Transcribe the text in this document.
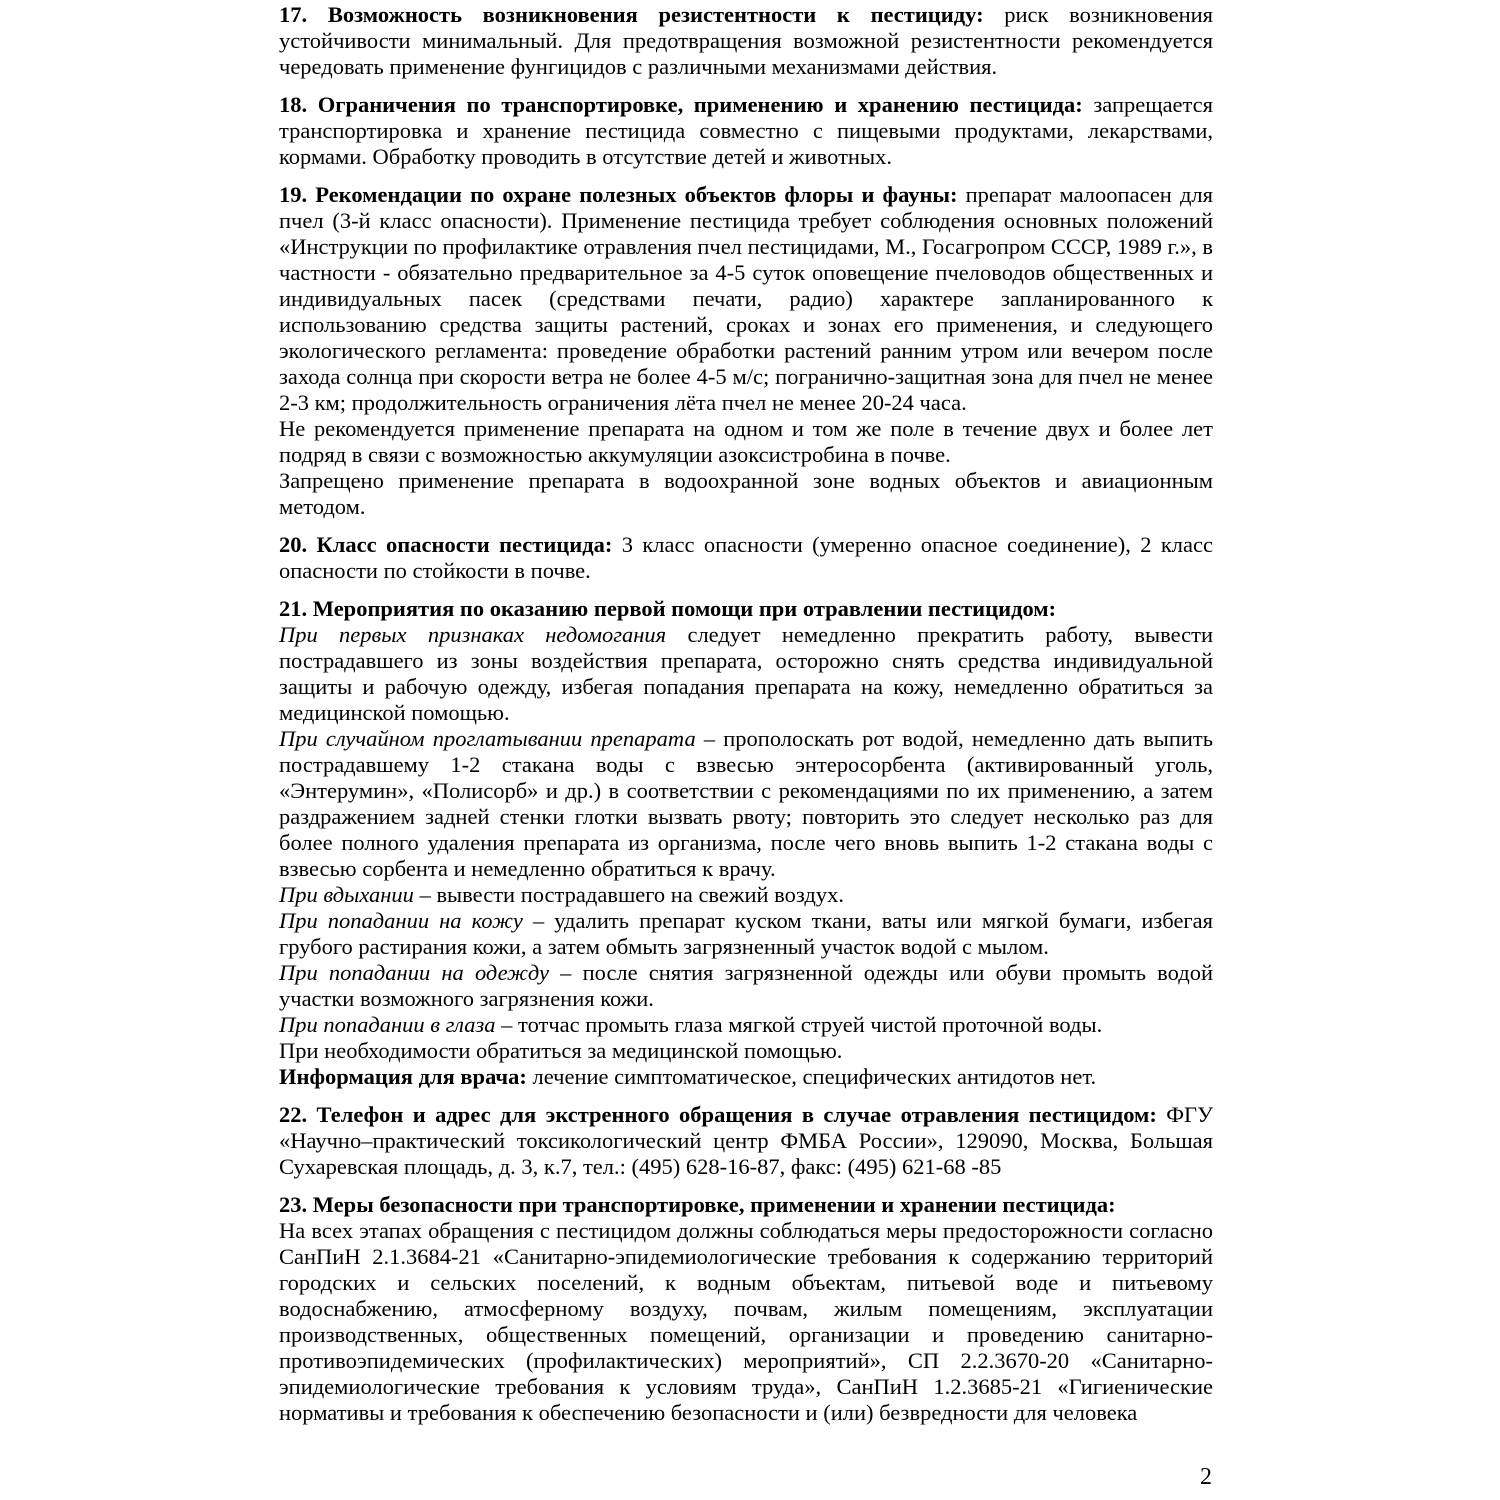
17. Возможность возникновения резистентности к пестициду: риск возникновения устойчивости минимальный. Для предотвращения возможной резистентности рекомендуется чередовать применение фунгицидов с различными механизмами действия.

18. Ограничения по транспортировке, применению и хранению пестицида: запрещается транспортировка и хранение пестицида совместно с пищевыми продуктами, лекарствами, кормами. Обработку проводить в отсутствие детей и животных.

19. Рекомендации по охране полезных объектов флоры и фауны: препарат малоопасен для пчел (3-й класс опасности). Применение пестицида требует соблюдения основных положений «Инструкции по профилактике отравления пчел пестицидами, М., Госагропром СССР, 1989 г.», в частности - обязательно предварительное за 4-5 суток оповещение пчеловодов общественных и индивидуальных пасек (средствами печати, радио) характере запланированного к использованию средства защиты растений, сроках и зонах его применения, и следующего экологического регламента: проведение обработки растений ранним утром или вечером после захода солнца при скорости ветра не более 4-5 м/с; погранично-защитная зона для пчел не менее 2-3 км; продолжительность ограничения лёта пчел не менее 20-24 часа.

Не рекомендуется применение препарата на одном и том же поле в течение двух и более лет подряд в связи с возможностью аккумуляции азоксистробина в почве.

Запрещено применение препарата в водоохранной зоне водных объектов и авиационным методом.

20. Класс опасности пестицида: 3 класс опасности (умеренно опасное соединение), 2 класс опасности по стойкости в почве.

21. Мероприятия по оказанию первой помощи при отравлении пестицидом:

При первых признаках недомогания следует немедленно прекратить работу, вывести пострадавшего из зоны воздействия препарата, осторожно снять средства индивидуальной защиты и рабочую одежду, избегая попадания препарата на кожу, немедленно обратиться за медицинской помощью.

При случайном проглатывании препарата – прополоскать рот водой, немедленно дать выпить пострадавшему 1-2 стакана воды с взвесью энтеросорбента (активированный уголь, «Энтерумин», «Полисорб» и др.) в соответствии с рекомендациями по их применению, а затем раздражением задней стенки глотки вызвать рвоту; повторить это следует несколько раз для более полного удаления препарата из организма, после чего вновь выпить 1-2 стакана воды с взвесью сорбента и немедленно обратиться к врачу.

При вдыхании – вывести пострадавшего на свежий воздух.

При попадании на кожу – удалить препарат куском ткани, ваты или мягкой бумаги, избегая грубого растирания кожи, а затем обмыть загрязненный участок водой с мылом.

При попадании на одежду – после снятия загрязненной одежды или обуви промыть водой участки возможного загрязнения кожи.

При попадании в глаза – тотчас промыть глаза мягкой струей чистой проточной воды.

При необходимости обратиться за медицинской помощью.

Информация для врача: лечение симптоматическое, специфических антидотов нет.

22. Телефон и адрес для экстренного обращения в случае отравления пестицидом: ФГУ «Научно–практический токсикологический центр ФМБА России», 129090, Москва, Большая Сухаревская площадь, д. 3, к.7, тел.: (495) 628-16-87, факс: (495) 621-68 -85

23. Меры безопасности при транспортировке, применении и хранении пестицида:

На всех этапах обращения с пестицидом должны соблюдаться меры предосторожности согласно СанПиН 2.1.3684-21 «Санитарно-эпидемиологические требования к содержанию территорий городских и сельских поселений, к водным объектам, питьевой воде и питьевому водоснабжению, атмосферному воздуху, почвам, жилым помещениям, эксплуатации производственных, общественных помещений, организации и проведению санитарно-противоэпидемических (профилактических) мероприятий», СП 2.2.3670-20 «Санитарно-эпидемиологические требования к условиям труда», СанПиН 1.2.3685-21 «Гигиенические нормативы и требования к обеспечению безопасности и (или) безвредности для человека

2
